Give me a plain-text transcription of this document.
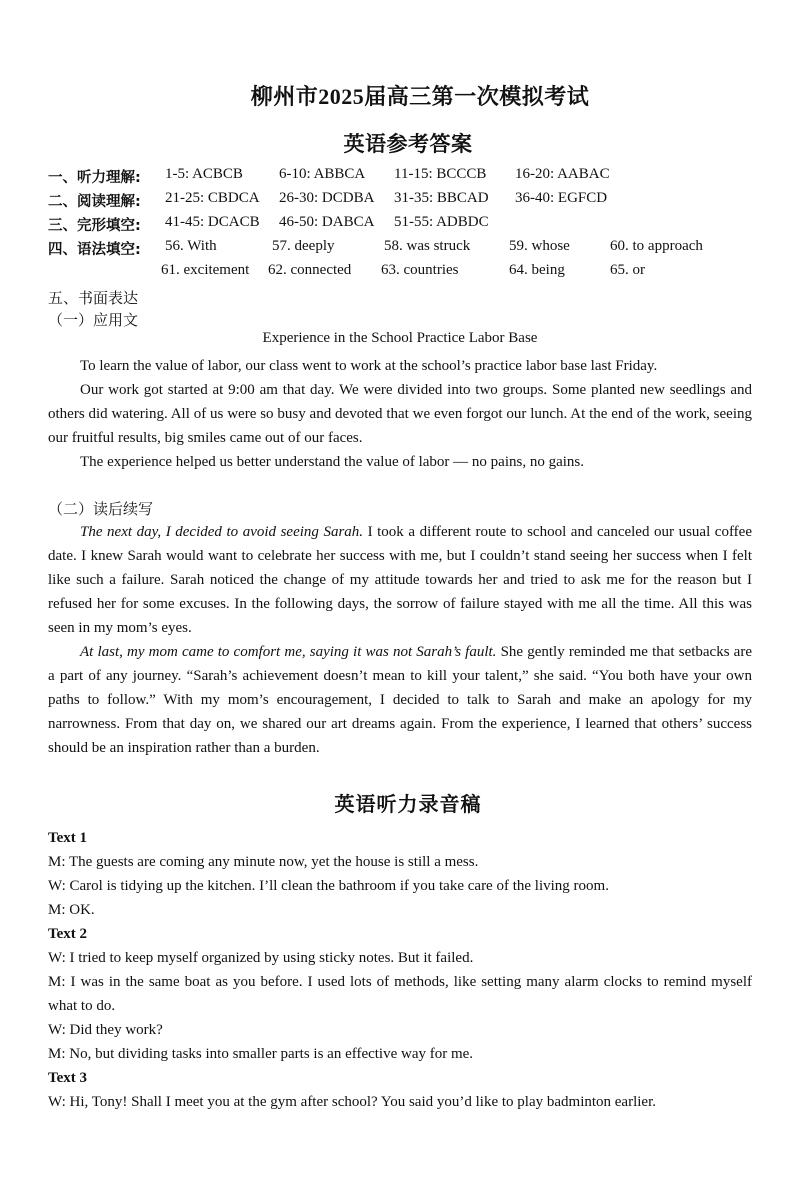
柳州市2025届高三第一次模拟考试
英语参考答案
一、听力理解: 1-5: ACBCB 6-10: ABBCA 11-15: BCCCB 16-20: AABAC
二、阅读理解: 21-25: CBDCA 26-30: DCDBA 31-35: BBCAD 36-40: EGFCD
三、完形填空: 41-45: DCACB 46-50: DABCA 51-55: ADBDC
四、语法填空: 56. With	57. deeply	58. was struck	59. whose	60. to approach
61. excitement 62. connected 63. countries	64. being	65. or
五、书面表达
（一）应用文
Experience in the School Practice Labor Base

To learn the value of labor, our class went to work at the school’s practice labor base last Friday.

Our work got started at 9:00 am that day. We were divided into two groups. Some planted new seedlings and others did watering. All of us were so busy and devoted that we even forgot our lunch. At the end of the work, seeing our fruitful results, big smiles came out of our faces.

The experience helped us better understand the value of labor — no pains, no gains.

（二）读后续写

The next day, I decided to avoid seeing Sarah. I took a different route to school and canceled our usual coffee date. I knew Sarah would want to celebrate her success with me, but I couldn’t stand seeing her success when I felt like such a failure. Sarah noticed the change of my attitude towards her and tried to ask me for the reason but I refused her for some excuses. In the following days, the sorrow of failure stayed with me all the time. All this was seen in my mom’s eyes.

At last, my mom came to comfort me, saying it was not Sarah’s fault. She gently reminded me that setbacks are a part of any journey. “Sarah’s achievement doesn’t mean to kill your talent,” she said. “You both have your own paths to follow.” With my mom’s encouragement, I decided to talk to Sarah and make an apology for my narrowness. From that day on, we shared our art dreams again. From the experience, I learned that others’ success should be an inspiration rather than a burden.

英语听力录音稿
Text 1
M: The guests are coming any minute now, yet the house is still a mess.
W: Carol is tidying up the kitchen. I’ll clean the bathroom if you take care of the living room.
M: OK.
Text 2
W: I tried to keep myself organized by using sticky notes. But it failed.
M: I was in the same boat as you before. I used lots of methods, like setting many alarm clocks to remind myself what to do.
W: Did they work?
M: No, but dividing tasks into smaller parts is an effective way for me.
Text 3
W: Hi, Tony! Shall I meet you at the gym after school? You said you’d like to play badminton earlier.
